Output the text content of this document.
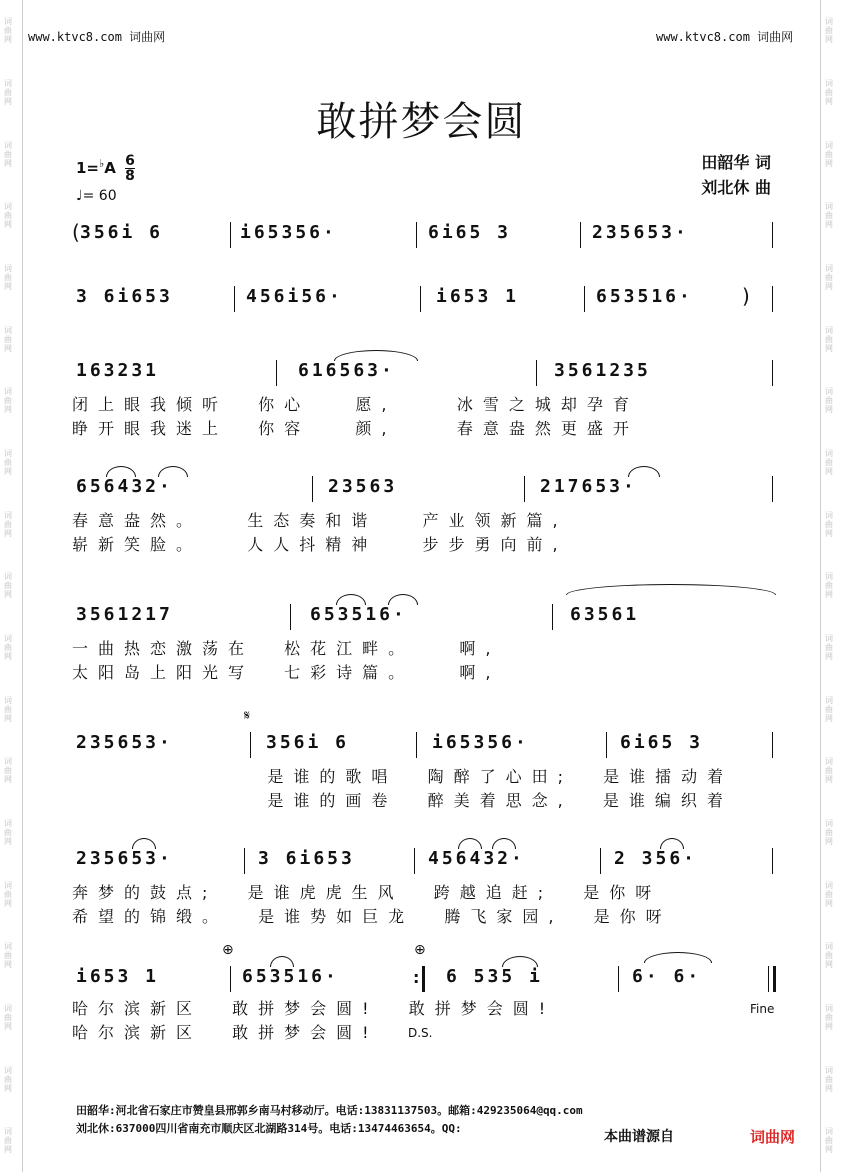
词曲网
词曲网
词曲网
词曲网
词曲网
词曲网
词曲网
词曲网
词曲网
词曲网
词曲网
词曲网
词曲网
词曲网
词曲网
词曲网
词曲网
词曲网
词曲网
词曲网
词曲网
词曲网
词曲网
词曲网
词曲网
词曲网
词曲网
词曲网
词曲网
词曲网
词曲网
词曲网
词曲网
词曲网
词曲网
词曲网
词曲网
词曲网
www.ktvc8.com 词曲网	www.ktvc8.com 词曲网
敢拼梦会圆
$1=^♭A \frac{6}{8}$
♩= 60
田韶华 词
刘北休 曲
( 356i 6	i65356·	6i65 3	235653·
3 6i653	456i56·	i653 1	653516· )
163231	616563·	3561235
闭上眼我倾听  你心   愿,    冰雪之城却孕育
睁开眼我迷上  你容   颜,    春意盎然更盛开
656432·	23563	217653·
春意盎然。   生态奏和谐   产业领新篇,
崭新笑脸。   人人抖精神   步步勇向前,
3561217	653516·	63561
一曲热恋激荡在  松花江畔。   啊,
太阳岛上阳光写  七彩诗篇。   啊,
𝄋
235653·	356i 6	i65356·	6i65 3
是谁的歌唱  陶醉了心田;  是谁擂动着
是谁的画卷  醉美着思念,  是谁编织着
235653·	3 6i653	456432·	2 356·
奔梦的鼓点;  是谁虎虎生风  跨越追赶;  是你呀
希望的锦缎。  是谁势如巨龙  腾飞家园,  是你呀
⊕	⊕
i653 1	653516·
:	6 535 i	6· 6·
Fine
哈尔滨新区  敢拼梦会圆!  敢拼梦会圆!
哈尔滨新区  敢拼梦会圆! D.S.
田韶华:河北省石家庄市赞皇县邢郭乡南马村移动厅。电话:13831137503。邮箱:429235064@qq.com
刘北休:637000四川省南充市顺庆区北湖路314号。电话:13474463654。QQ:
本曲谱源自	词曲网
